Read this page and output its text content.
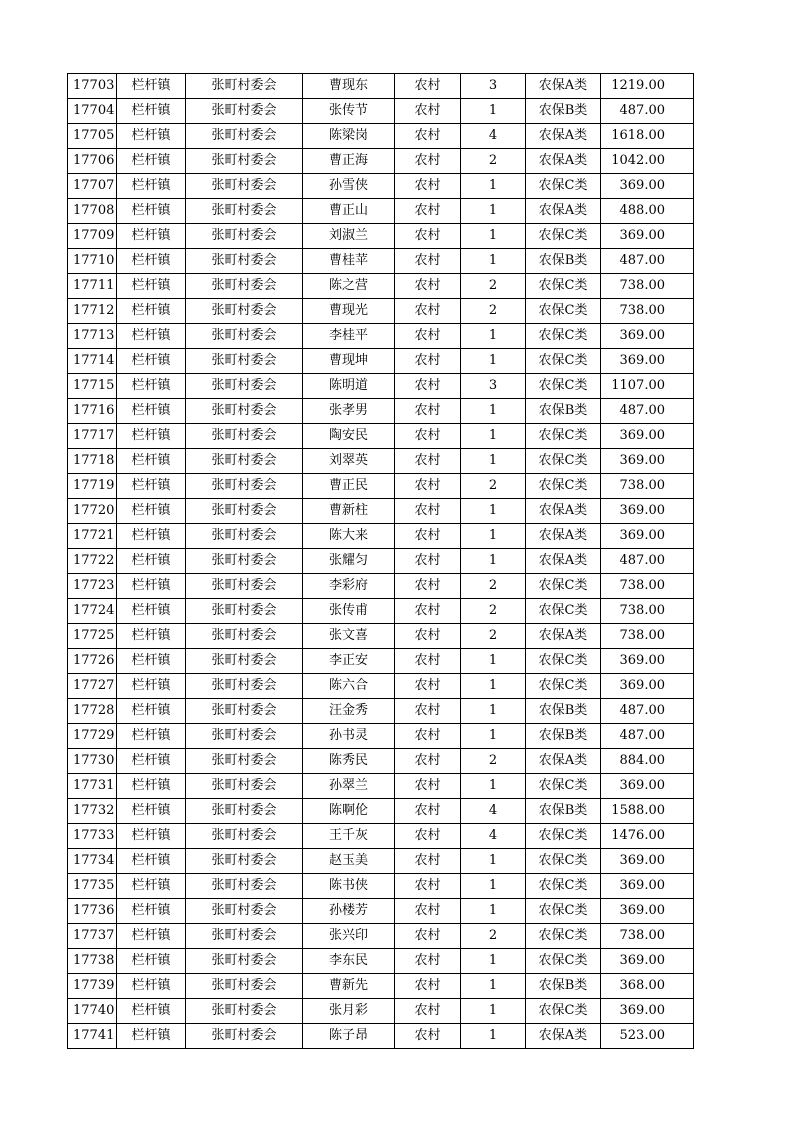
17703	栏杆镇	张町村委会	曹现东	农村	3	农保A类	1219.00
17704	栏杆镇	张町村委会	张传节	农村	1	农保B类	487.00
17705	栏杆镇	张町村委会	陈梁岗	农村	4	农保A类	1618.00
17706	栏杆镇	张町村委会	曹正海	农村	2	农保A类	1042.00
17707	栏杆镇	张町村委会	孙雪侠	农村	1	农保C类	369.00
17708	栏杆镇	张町村委会	曹正山	农村	1	农保A类	488.00
17709	栏杆镇	张町村委会	刘淑兰	农村	1	农保C类	369.00
17710	栏杆镇	张町村委会	曹桂苹	农村	1	农保B类	487.00
17711	栏杆镇	张町村委会	陈之营	农村	2	农保C类	738.00
17712	栏杆镇	张町村委会	曹现光	农村	2	农保C类	738.00
17713	栏杆镇	张町村委会	李桂平	农村	1	农保C类	369.00
17714	栏杆镇	张町村委会	曹现坤	农村	1	农保C类	369.00
17715	栏杆镇	张町村委会	陈明道	农村	3	农保C类	1107.00
17716	栏杆镇	张町村委会	张孝男	农村	1	农保B类	487.00
17717	栏杆镇	张町村委会	陶安民	农村	1	农保C类	369.00
17718	栏杆镇	张町村委会	刘翠英	农村	1	农保C类	369.00
17719	栏杆镇	张町村委会	曹正民	农村	2	农保C类	738.00
17720	栏杆镇	张町村委会	曹新柱	农村	1	农保A类	369.00
17721	栏杆镇	张町村委会	陈大来	农村	1	农保A类	369.00
17722	栏杆镇	张町村委会	张耀匀	农村	1	农保A类	487.00
17723	栏杆镇	张町村委会	李彩府	农村	2	农保C类	738.00
17724	栏杆镇	张町村委会	张传甫	农村	2	农保C类	738.00
17725	栏杆镇	张町村委会	张文喜	农村	2	农保A类	738.00
17726	栏杆镇	张町村委会	李正安	农村	1	农保C类	369.00
17727	栏杆镇	张町村委会	陈六合	农村	1	农保C类	369.00
17728	栏杆镇	张町村委会	汪金秀	农村	1	农保B类	487.00
17729	栏杆镇	张町村委会	孙书灵	农村	1	农保B类	487.00
17730	栏杆镇	张町村委会	陈秀民	农村	2	农保A类	884.00
17731	栏杆镇	张町村委会	孙翠兰	农村	1	农保C类	369.00
17732	栏杆镇	张町村委会	陈啊伦	农村	4	农保B类	1588.00
17733	栏杆镇	张町村委会	王千灰	农村	4	农保C类	1476.00
17734	栏杆镇	张町村委会	赵玉美	农村	1	农保C类	369.00
17735	栏杆镇	张町村委会	陈书侠	农村	1	农保C类	369.00
17736	栏杆镇	张町村委会	孙楼芳	农村	1	农保C类	369.00
17737	栏杆镇	张町村委会	张兴印	农村	2	农保C类	738.00
17738	栏杆镇	张町村委会	李东民	农村	1	农保C类	369.00
17739	栏杆镇	张町村委会	曹新先	农村	1	农保B类	368.00
17740	栏杆镇	张町村委会	张月彩	农村	1	农保C类	369.00
17741	栏杆镇	张町村委会	陈子昂	农村	1	农保A类	523.00
